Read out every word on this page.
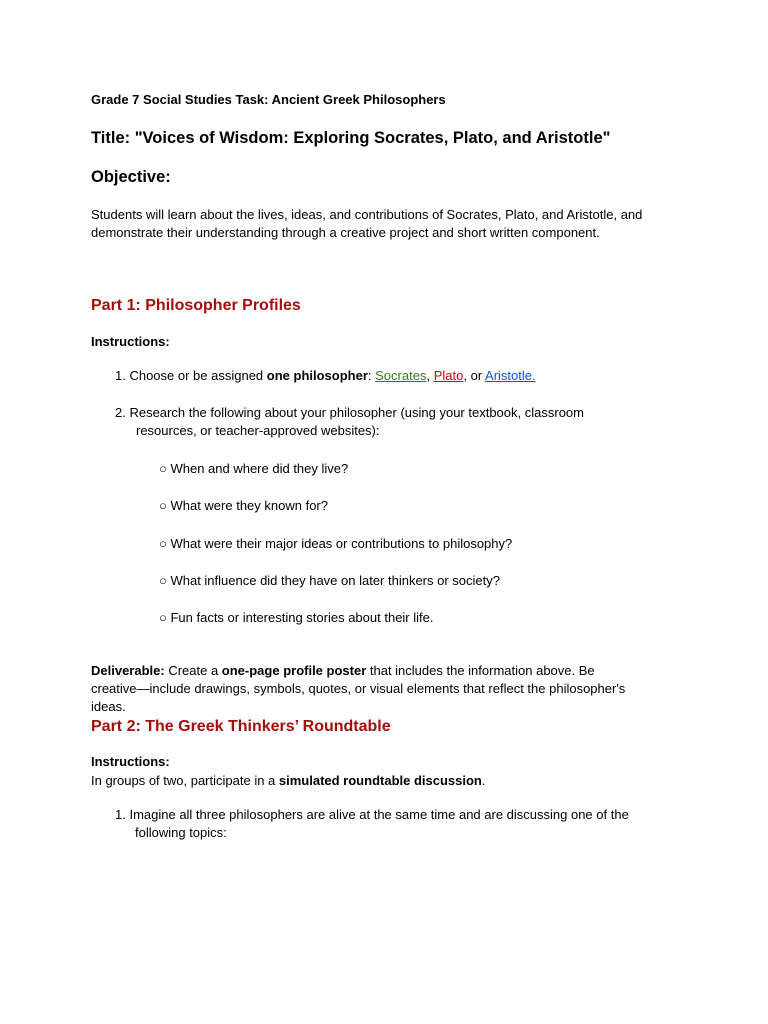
Grade 7 Social Studies Task: Ancient Greek Philosophers
Title: "Voices of Wisdom: Exploring Socrates, Plato, and Aristotle"
Objective:
Students will learn about the lives, ideas, and contributions of Socrates, Plato, and Aristotle, and
demonstrate their understanding through a creative project and short written component.
Part 1: Philosopher Profiles
Instructions:
1. Choose or be assigned one philosopher: Socrates, Plato, or Aristotle.
2. Research the following about your philosopher (using your textbook, classroom
resources, or teacher-approved websites):
○ When and where did they live?
○ What were they known for?
○ What were their major ideas or contributions to philosophy?
○ What influence did they have on later thinkers or society?
○ Fun facts or interesting stories about their life.
Deliverable: Create a one-page profile poster that includes the information above. Be
creative—include drawings, symbols, quotes, or visual elements that reflect the philosopher's
ideas.
Part 2: The Greek Thinkers’ Roundtable
Instructions:
In groups of two, participate in a simulated roundtable discussion.
1. Imagine all three philosophers are alive at the same time and are discussing one of the
following topics:
